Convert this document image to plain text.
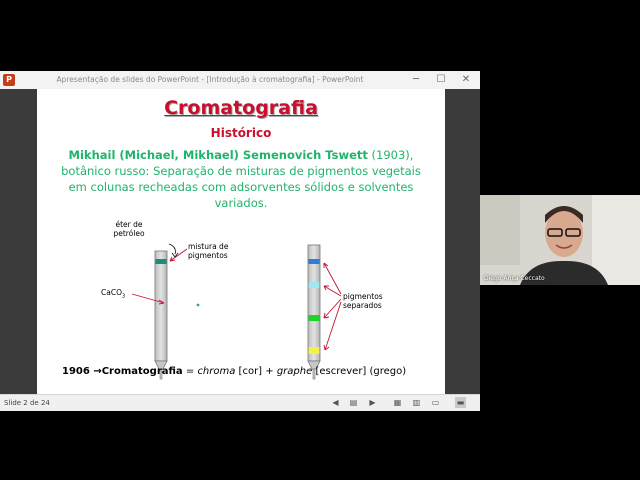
P	Apresentação de slides do PowerPoint - [Introdução à cromatografia] - PowerPoint	─	☐	✕
Cromatografia
Histórico
Mikhail (Michael, Mikhael) Semenovich Tswett (1903), botânico russo: Separação de misturas de pigmentos vegetais em colunas recheadas com adsorventes sólidos e solventes variados.
éter de
petróleo
mistura de
pigmentos
CaCO$_3$	pigmentos
separados
1906 →Cromatografia = chroma [cor] + graphe [escrever] (grego)
Slide 2 de 24	◀	▤	▶	▦ ▥ ▭ ▬
Diego Ariça Ceccato
